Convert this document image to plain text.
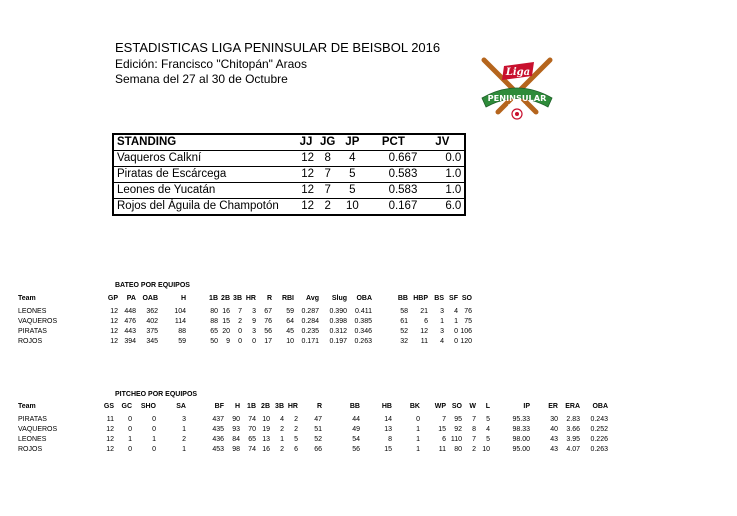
ESTADISTICAS LIGA PENINSULAR DE BEISBOL 2016
Edición: Francisco "Chitopán" Araos
Semana del 27 al 30 de Octubre
PENINSULAR
DE BEISBOL
Liga
STANDING	JJ	JG	JP	PCT	JV
Vaqueros Calkní	12	8	4	0.667	0.0
Piratas de Escárcega	12	7	5	0.583	1.0
Leones de Yucatán	12	7	5	0.583	1.0
Rojos del Águila de Champotón	12	2	10	0.167	6.0
BATEO POR EQUIPOS
Team	GP	PA	OAB	H	1B	2B	3B	HR	R	RBI	Avg	Slug	OBA	BB	HBP	BS	SF	SO

LEONES	12	448	362	104	80	16	7	3	67	59	0.287	0.390	0.411	58	21	3	4	76
VAQUEROS	12	476	402	114	88	15	2	9	76	64	0.284	0.398	0.385	61	6	1	1	75
PIRATAS	12	443	375	88	65	20	0	3	56	45	0.235	0.312	0.346	52	12	3	0	106
ROJOS	12	394	345	59	50	9	0	0	17	10	0.171	0.197	0.263	32	11	4	0	120
PITCHEO POR EQUIPOS
Team	GS	GC	SHO	SA	BF	H	1B	2B	3B	HR	R	BB	HB	BK	WP	SO	W	L	IP	ER	ERA	OBA

PIRATAS	11	0	0	3	437	90	74	10	4	2	47	44	14	0	7	95	7	5	95.33	30	2.83	0.243
VAQUEROS	12	0	0	1	435	93	70	19	2	2	51	49	13	1	15	92	8	4	98.33	40	3.66	0.252
LEONES	12	1	1	2	436	84	65	13	1	5	52	54	8	1	6	110	7	5	98.00	43	3.95	0.226
ROJOS	12	0	0	1	453	98	74	16	2	6	66	56	15	1	11	80	2	10	95.00	43	4.07	0.263
